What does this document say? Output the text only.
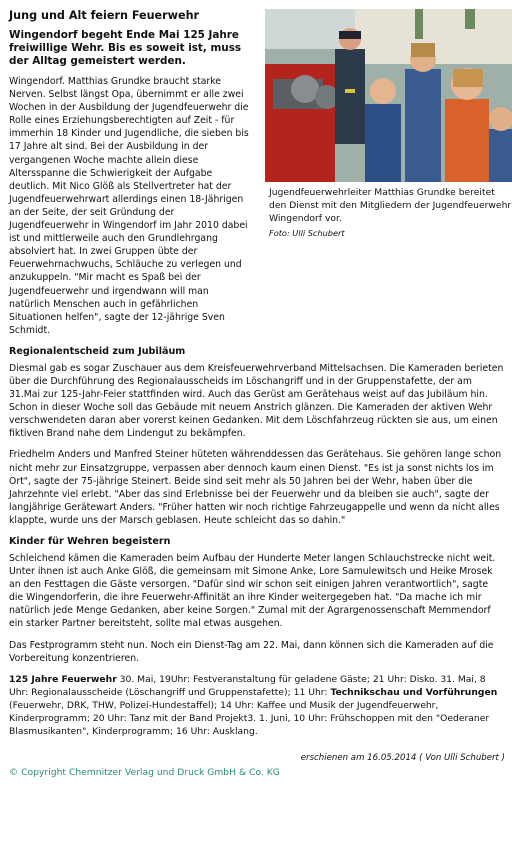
Jugendfeuerwehrleiter Matthias Grundke bereitet den Dienst mit den Mitgliedern der Jugendfeuerwehr Wingendorf vor.
Foto: Ulli Schubert
Jung und Alt feiern Feuerwehr
Wingendorf begeht Ende Mai 125 Jahre freiwillige Wehr. Bis es soweit ist, muss der Alltag gemeistert werden.

Wingendorf. Matthias Grundke braucht starke Nerven. Selbst längst Opa, übernimmt er alle zwei Wochen in der Ausbildung der Jugendfeuerwehr die Rolle eines Erziehungsberechtigten auf Zeit - für immerhin 18 Kinder und Jugendliche, die sieben bis 17 Jahre alt sind. Bei der Ausbildung in der vergangenen Woche machte allein diese Altersspanne die Schwierigkeit der Aufgabe deutlich. Mit Nico Glöß als Stellvertreter hat der Jugendfeuerwehrwart allerdings einen 18-Jährigen an der Seite, der seit Gründung der Jugendfeuerwehr in Wingendorf im Jahr 2010 dabei ist und mittlerweile auch den Grundlehrgang absolviert hat. In zwei Gruppen übte der Feuerwehrnachwuchs, Schläuche zu verlegen und anzukuppeln. "Mir macht es Spaß bei der Jugendfeuerwehr und irgendwann will man natürlich Menschen auch in gefährlichen Situationen helfen", sagte der 12-jährige Sven Schmidt.

Regionalentscheid zum Jubiläum

Diesmal gab es sogar Zuschauer aus dem Kreisfeuerwehrverband Mittelsachsen. Die Kameraden berieten über die Durchführung des Regionalausscheids im Löschangriff und in der Gruppenstafette, der am 31.Mai zur 125-Jahr-Feier stattfinden wird. Auch das Gerüst am Gerätehaus weist auf das Jubiläum hin. Schon in dieser Woche soll das Gebäude mit neuem Anstrich glänzen. Die Kameraden der aktiven Wehr verschwendeten daran aber vorerst keinen Gedanken. Mit dem Löschfahrzeug rückten sie aus, um einen fiktiven Brand nahe dem Lindengut zu bekämpfen.

Friedhelm Anders und Manfred Steiner hüteten währenddessen das Gerätehaus. Sie gehören lange schon nicht mehr zur Einsatzgruppe, verpassen aber dennoch kaum einen Dienst. "Es ist ja sonst nichts los im Ort", sagte der 75-jährige Steinert. Beide sind seit mehr als 50 Jahren bei der Wehr, haben über die Jahrzehnte viel erlebt. "Aber das sind Erlebnisse bei der Feuerwehr und da bleiben sie auch", sagte der langjährige Gerätewart Anders. "Früher hatten wir noch richtige Fahrzeugappelle und wenn da nicht alles klappte, wurde uns der Marsch geblasen. Heute schleicht das so dahin."

Kinder für Wehren begeistern

Schleichend kämen die Kameraden beim Aufbau der Hunderte Meter langen Schlauchstrecke nicht weit. Unter ihnen ist auch Anke Glöß, die gemeinsam mit Simone Anke, Lore Samulewitsch und Heike Mrosek an den Festtagen die Gäste versorgen. "Dafür sind wir schon seit einigen Jahren verantwortlich", sagte die Wingendorferin, die ihre Feuerwehr-Affinität an ihre Kinder weitergegeben hat. "Da mache ich mir natürlich jede Menge Gedanken, aber keine Sorgen." Zumal mit der Agrargenossenschaft Memmendorf ein starker Partner bereitsteht, sollte mal etwas ausgehen.

Das Festprogramm steht nun. Noch ein Dienst-Tag am 22. Mai, dann können sich die Kameraden auf die Vorbereitung konzentrieren.

125 Jahre Feuerwehr 30. Mai, 19Uhr: Festveranstaltung für geladene Gäste; 21 Uhr: Disko. 31. Mai, 8 Uhr: Regionalausscheide (Löschangriff und Gruppenstafette); 11 Uhr: Technikschau und Vorführungen (Feuerwehr, DRK, THW, Polizei-Hundestaffel); 14 Uhr: Kaffee und Musik der Jugendfeuerwehr, Kinderprogramm; 20 Uhr: Tanz mit der Band Projekt3. 1. Juni, 10 Uhr: Frühschoppen mit den "Oederaner Blasmusikanten", Kinderprogramm; 16 Uhr: Ausklang.

erschienen am 16.05.2014 ( Von Ulli Schubert )
© Copyright Chemnitzer Verlag und Druck GmbH & Co. KG
